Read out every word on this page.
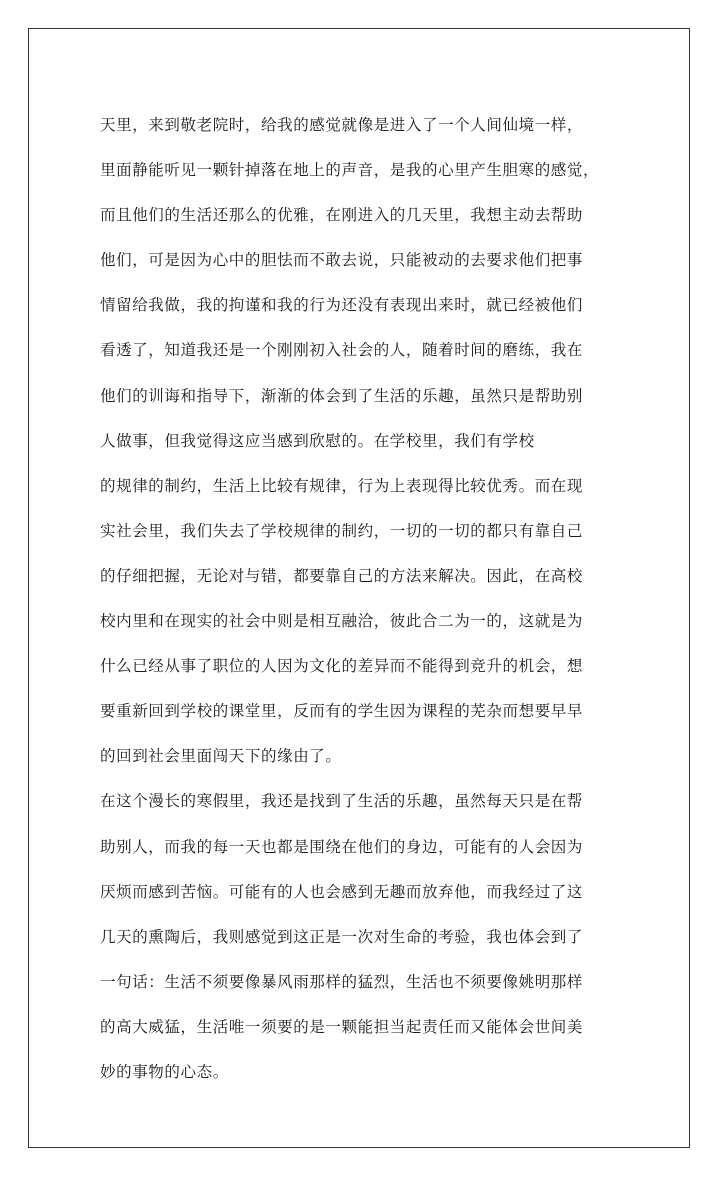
天里，来到敬老院时，给我的感觉就像是进入了一个人间仙境一样，
里面静能听见一颗针掉落在地上的声音，是我的心里产生胆寒的感觉，
而且他们的生活还那么的优雅，在刚进入的几天里，我想主动去帮助
他们，可是因为心中的胆怯而不敢去说，只能被动的去要求他们把事
情留给我做，我的拘谨和我的行为还没有表现出来时，就已经被他们
看透了，知道我还是一个刚刚初入社会的人，随着时间的磨练，我在
他们的训诲和指导下，渐渐的体会到了生活的乐趣，虽然只是帮助别
人做事，但我觉得这应当感到欣慰的。在学校里，我们有学校
的规律的制约，生活上比较有规律，行为上表现得比较优秀。而在现
实社会里，我们失去了学校规律的制约，一切的一切的都只有靠自己
的仔细把握，无论对与错，都要靠自己的方法来解决。因此，在高校
校内里和在现实的社会中则是相互融洽，彼此合二为一的，这就是为
什么已经从事了职位的人因为文化的差异而不能得到竞升的机会，想
要重新回到学校的课堂里，反而有的学生因为课程的芜杂而想要早早
的回到社会里面闯天下的缘由了。
在这个漫长的寒假里，我还是找到了生活的乐趣，虽然每天只是在帮
助别人，而我的每一天也都是围绕在他们的身边，可能有的人会因为
厌烦而感到苦恼。可能有的人也会感到无趣而放弃他，而我经过了这
几天的熏陶后，我则感觉到这正是一次对生命的考验，我也体会到了
一句话：生活不须要像暴风雨那样的猛烈，生活也不须要像姚明那样
的高大威猛，生活唯一须要的是一颗能担当起责任而又能体会世间美
妙的事物的心态。
